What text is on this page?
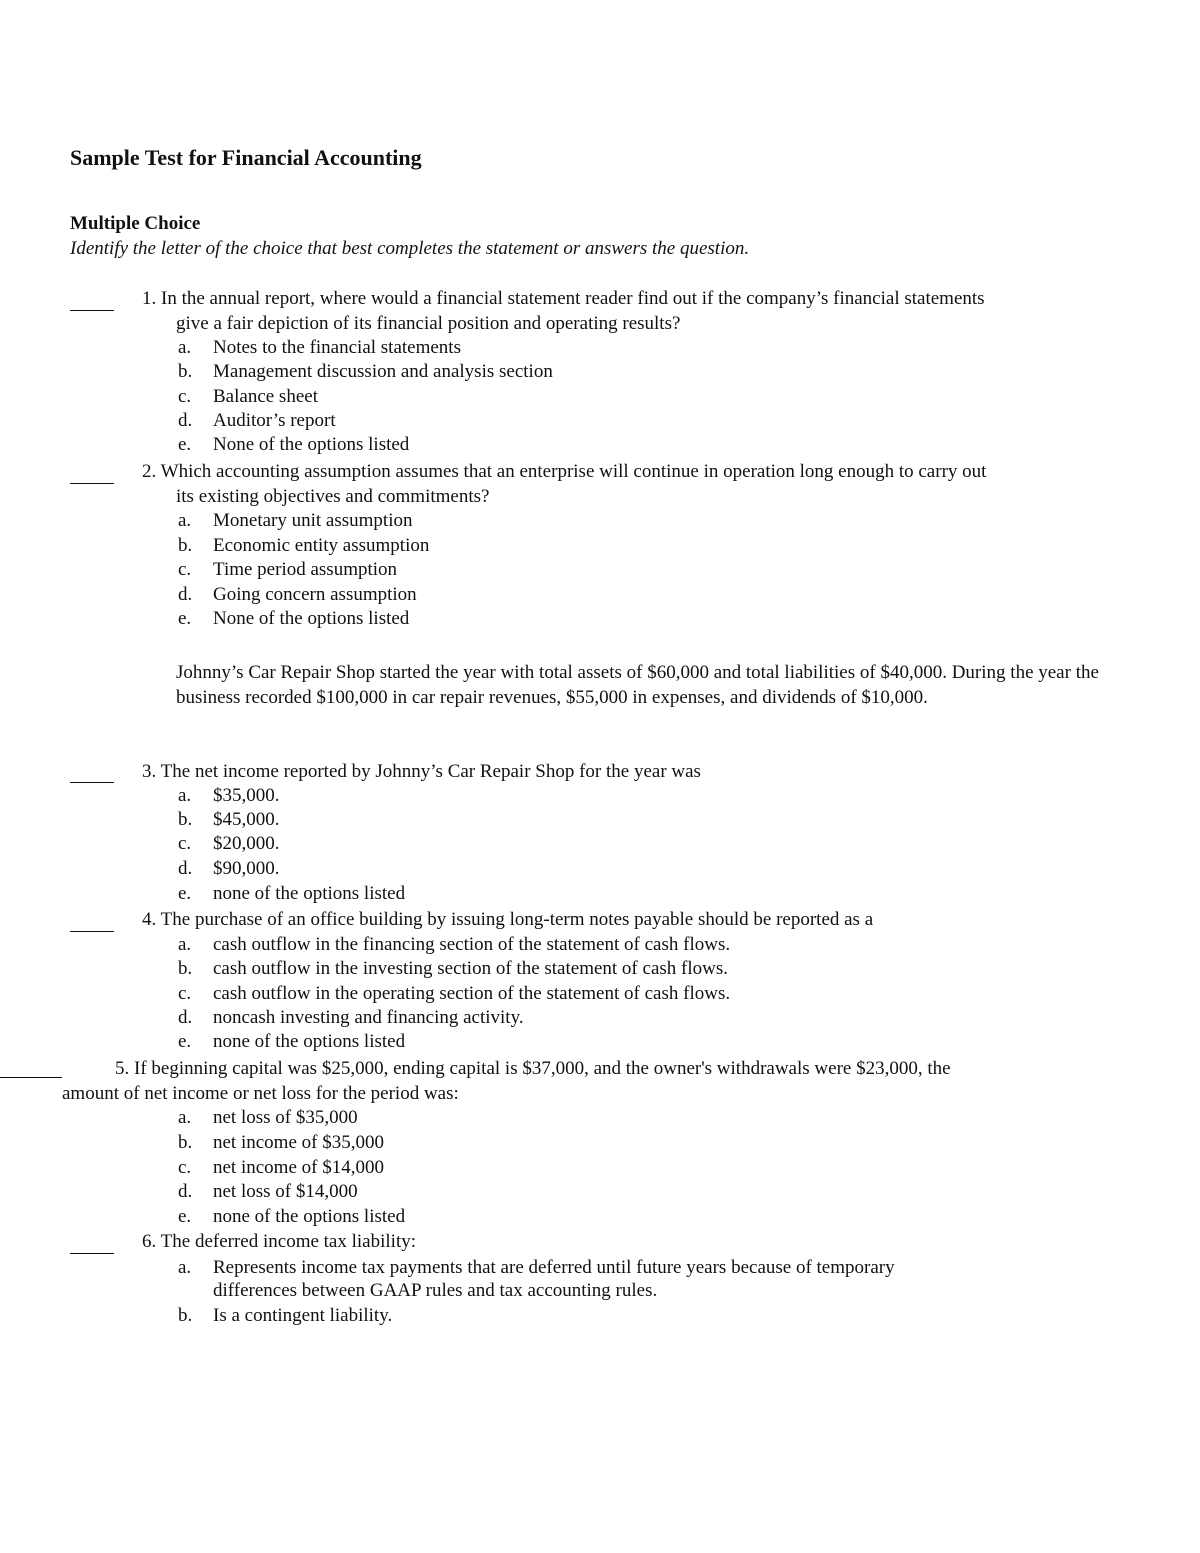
Sample Test for Financial Accounting
Multiple Choice
Identify the letter of the choice that best completes the statement or answers the question.
1. In the annual report, where would a financial statement reader find out if the company’s financial statements
give a fair depiction of its financial position and operating results?
a. Notes to the financial statements
b. Management discussion and analysis section
c. Balance sheet
d. Auditor’s report
e. None of the options listed
2. Which accounting assumption assumes that an enterprise will continue in operation long enough to carry out
its existing objectives and commitments?
a. Monetary unit assumption
b. Economic entity assumption
c. Time period assumption
d. Going concern assumption
e. None of the options listed
Johnny’s Car Repair Shop started the year with total assets of $60,000 and total liabilities of $40,000. During the year the business recorded $100,000 in car repair revenues, $55,000 in expenses, and dividends of $10,000.
3. The net income reported by Johnny’s Car Repair Shop for the year was
a. $35,000.
b. $45,000.
c. $20,000.
d. $90,000.
e. none of the options listed
4. The purchase of an office building by issuing long-term notes payable should be reported as a
a. cash outflow in the financing section of the statement of cash flows.
b. cash outflow in the investing section of the statement of cash flows.
c. cash outflow in the operating section of the statement of cash flows.
d. noncash investing and financing activity.
e. none of the options listed
5. If beginning capital was $25,000, ending capital is $37,000, and the owner's withdrawals were $23,000, the
amount of net income or net loss for the period was:
a. net loss of $35,000
b. net income of $35,000
c. net income of $14,000
d. net loss of $14,000
e. none of the options listed
6. The deferred income tax liability:
a. Represents income tax payments that are deferred until future years because of temporary
differences between GAAP rules and tax accounting rules.
b. Is a contingent liability.
